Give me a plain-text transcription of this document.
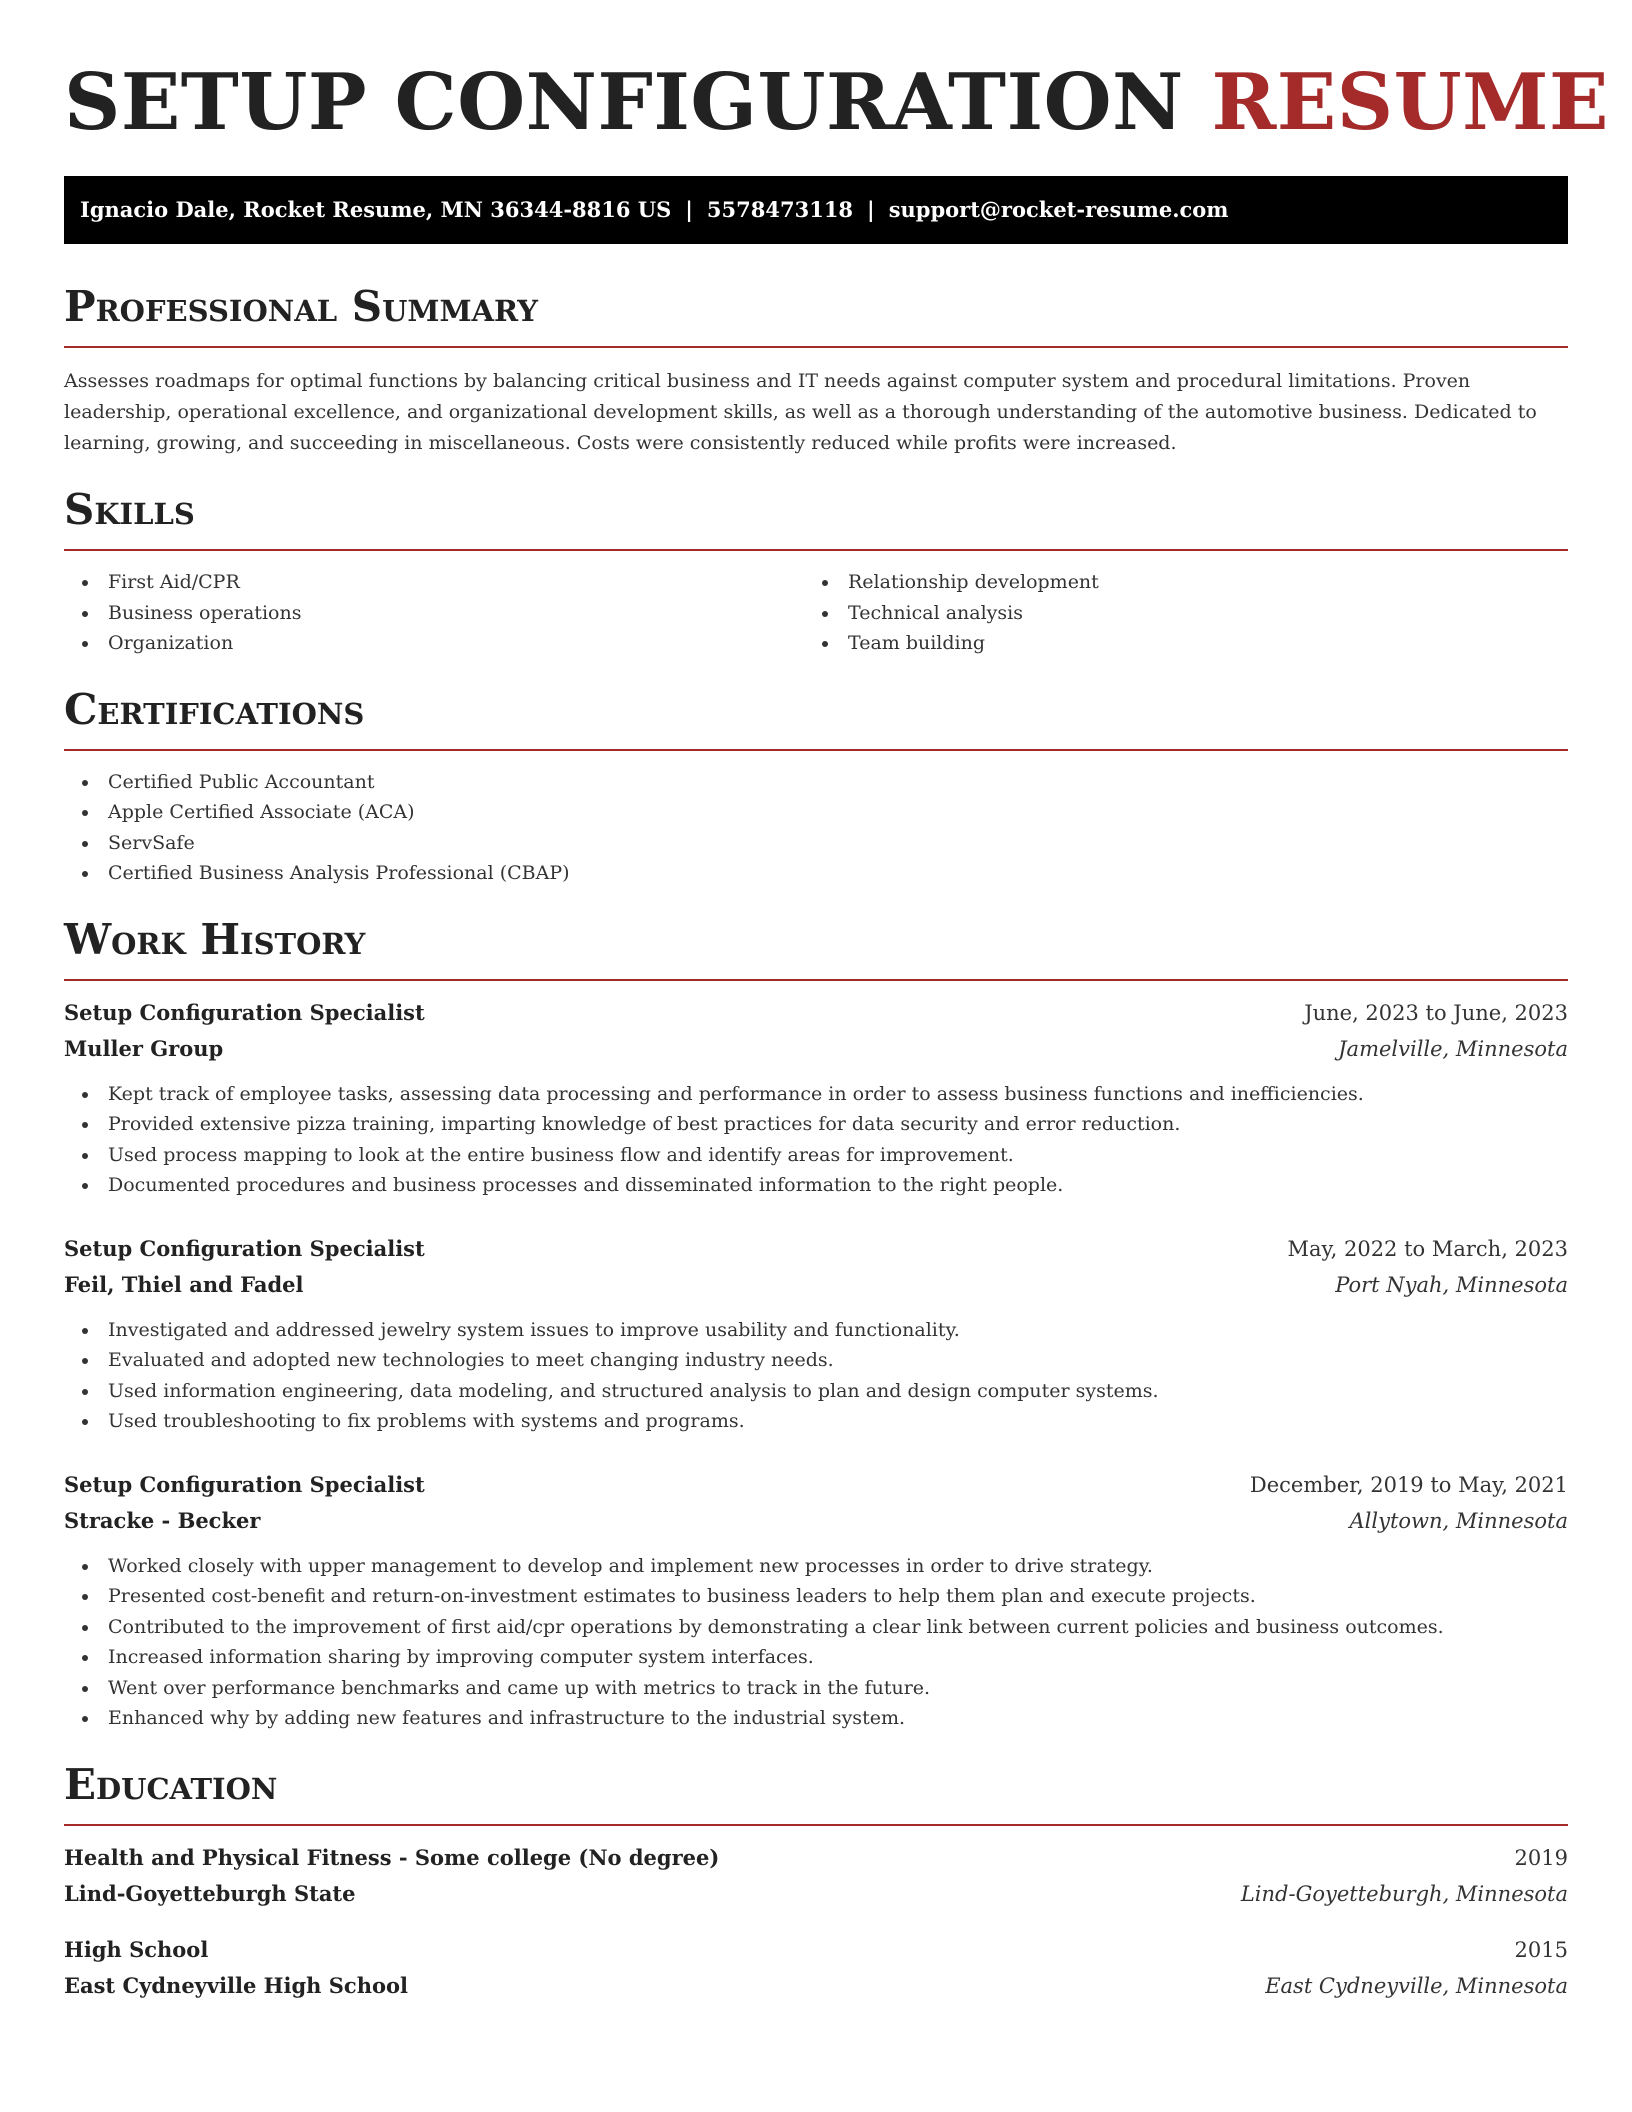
SETUP CONFIGURATION RESUME
Ignacio Dale, Rocket Resume, MN 36344-8816 US | 5578473118 | support@rocket-resume.com
Professional Summary

Assesses roadmaps for optimal functions by balancing critical business and IT needs against computer system and procedural limitations. Proven leadership, operational excellence, and organizational development skills, as well as a thorough understanding of the automotive business. Dedicated to learning, growing, and succeeding in miscellaneous. Costs were consistently reduced while profits were increased.

Skills
First Aid/CPR
Business operations
Organization
Relationship development
Technical analysis
Team building
Certifications
Certified Public Accountant
Apple Certified Associate (ACA)
ServSafe
Certified Business Analysis Professional (CBAP)
Work History
Setup Configuration Specialist	June, 2023 to June, 2023
Muller Group	Jamelville, Minnesota
Kept track of employee tasks, assessing data processing and performance in order to assess business functions and inefficiencies.
Provided extensive pizza training, imparting knowledge of best practices for data security and error reduction.
Used process mapping to look at the entire business flow and identify areas for improvement.
Documented procedures and business processes and disseminated information to the right people.
Setup Configuration Specialist	May, 2022 to March, 2023
Feil, Thiel and Fadel	Port Nyah, Minnesota
Investigated and addressed jewelry system issues to improve usability and functionality.
Evaluated and adopted new technologies to meet changing industry needs.
Used information engineering, data modeling, and structured analysis to plan and design computer systems.
Used troubleshooting to fix problems with systems and programs.
Setup Configuration Specialist	December, 2019 to May, 2021
Stracke - Becker	Allytown, Minnesota
Worked closely with upper management to develop and implement new processes in order to drive strategy.
Presented cost-benefit and return-on-investment estimates to business leaders to help them plan and execute projects.
Contributed to the improvement of first aid/cpr operations by demonstrating a clear link between current policies and business outcomes.
Increased information sharing by improving computer system interfaces.
Went over performance benchmarks and came up with metrics to track in the future.
Enhanced why by adding new features and infrastructure to the industrial system.
Education
Health and Physical Fitness - Some college (No degree)	2019
Lind-Goyetteburgh State	Lind-Goyetteburgh, Minnesota
High School	2015
East Cydneyville High School	East Cydneyville, Minnesota
